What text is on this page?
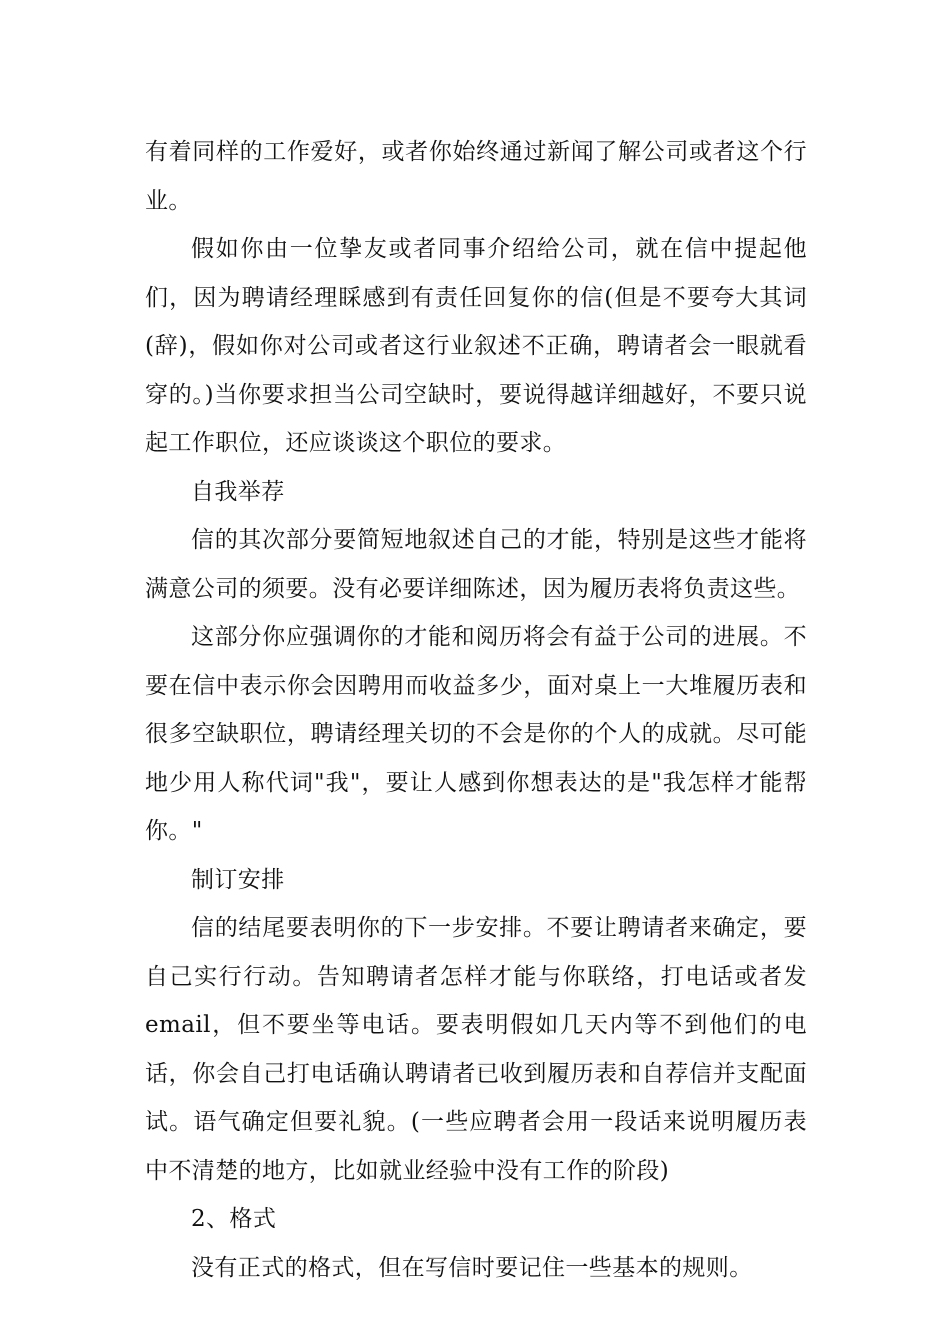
有着同样的工作爱好，或者你始终通过新闻了解公司或者这个行业。

假如你由一位挚友或者同事介绍给公司，就在信中提起他们，因为聘请经理睬感到有责任回复你的信(但是不要夸大其词(辞)，假如你对公司或者这行业叙述不正确，聘请者会一眼就看穿的。)当你要求担当公司空缺时，要说得越详细越好，不要只说起工作职位，还应谈谈这个职位的要求。

自我举荐

信的其次部分要简短地叙述自己的才能，特别是这些才能将满意公司的须要。没有必要详细陈述，因为履历表将负责这些。

这部分你应强调你的才能和阅历将会有益于公司的进展。不要在信中表示你会因聘用而收益多少，面对桌上一大堆履历表和很多空缺职位，聘请经理关切的不会是你的个人的成就。尽可能地少用人称代词"我"，要让人感到你想表达的是"我怎样才能帮你。"

制订安排

信的结尾要表明你的下一步安排。不要让聘请者来确定，要自己实行行动。告知聘请者怎样才能与你联络，打电话或者发email，但不要坐等电话。要表明假如几天内等不到他们的电话，你会自己打电话确认聘请者已收到履历表和自荐信并支配面试。语气确定但要礼貌。(一些应聘者会用一段话来说明履历表中不清楚的地方，比如就业经验中没有工作的阶段)

2、格式

没有正式的格式，但在写信时要记住一些基本的规则。
